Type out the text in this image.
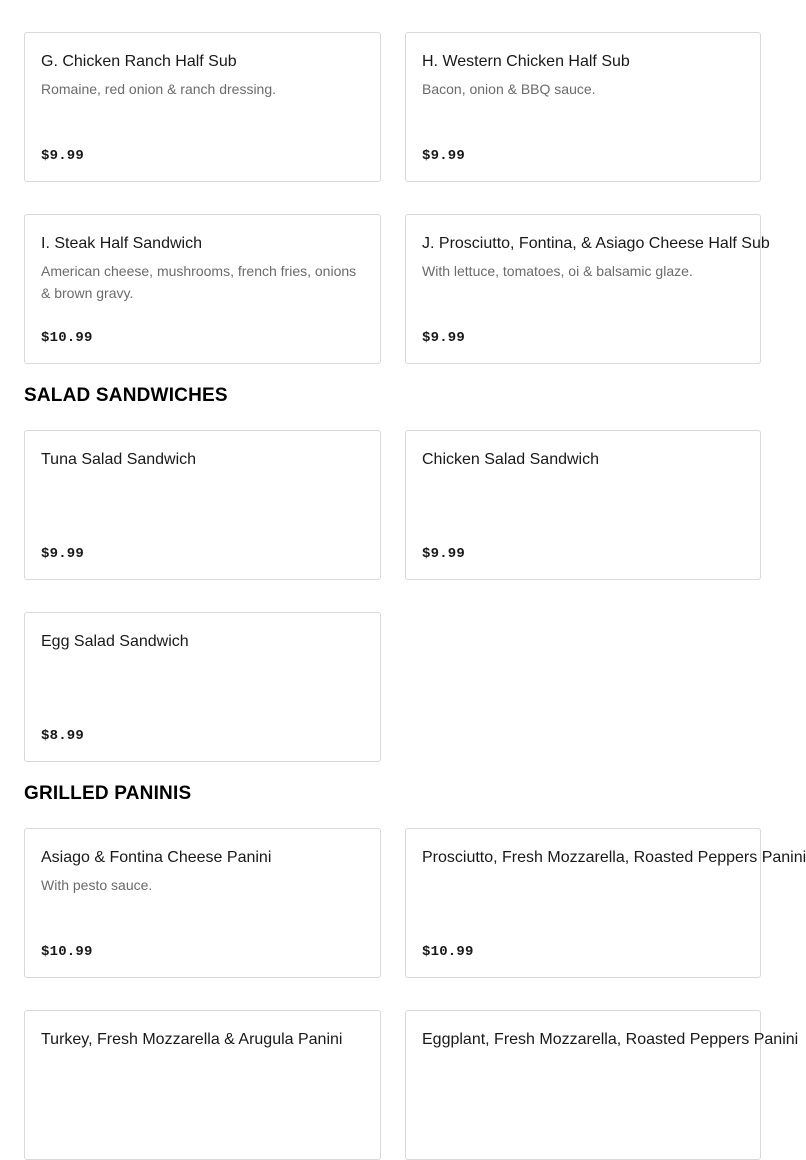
G. Chicken Ranch Half Sub
Romaine, red onion & ranch dressing.
$9.99
H. Western Chicken Half Sub
Bacon, onion & BBQ sauce.
$9.99
I. Steak Half Sandwich
American cheese, mushrooms, french fries, onions & brown gravy.
$10.99
J. Prosciutto, Fontina, & Asiago Cheese Half Sub
With lettuce, tomatoes, oi & balsamic glaze.
$9.99
SALAD SANDWICHES
Tuna Salad Sandwich
$9.99
Chicken Salad Sandwich
$9.99
Egg Salad Sandwich
$8.99
GRILLED PANINIS
Asiago & Fontina Cheese Panini
With pesto sauce.
$10.99
Prosciutto, Fresh Mozzarella, Roasted Peppers Panini
$10.99
Turkey, Fresh Mozzarella & Arugula Panini	Eggplant, Fresh Mozzarella, Roasted Peppers Panini
